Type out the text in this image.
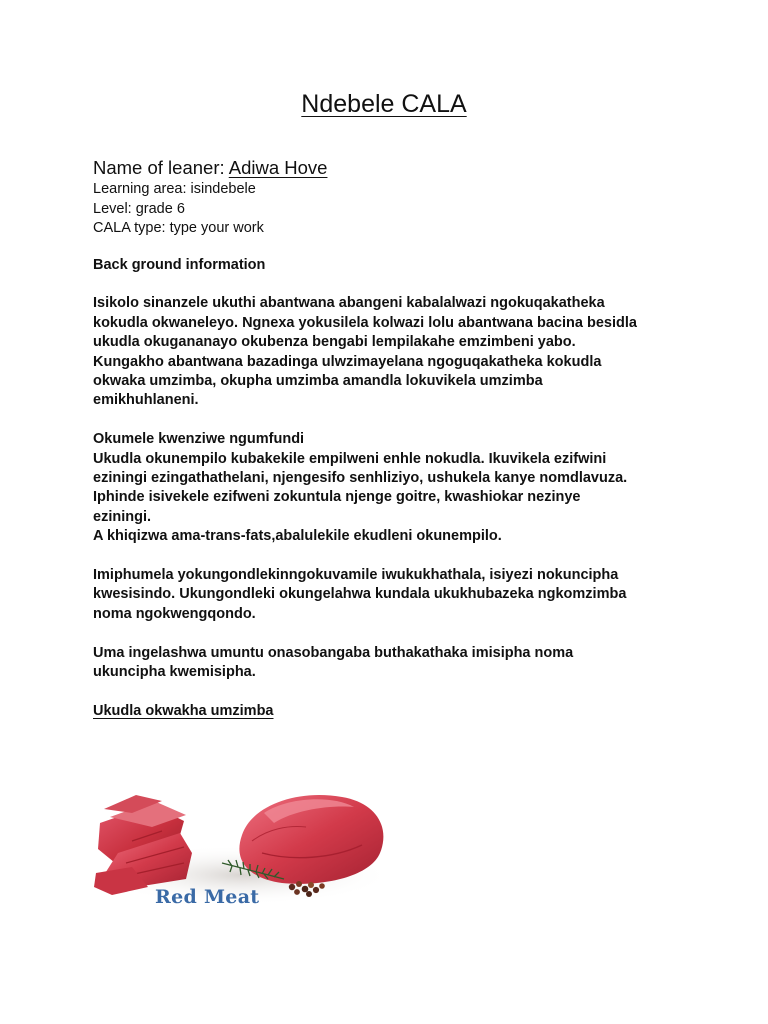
Ndebele CALA

Name of leaner: Adiwa Hove

Learning area: isindebele

Level: grade 6

CALA type: type your work

Back ground information

Isikolo sinanzele ukuthi abantwana abangeni kabalalwazi ngokuqakatheka

kokudla okwaneleyo. Ngnexa yokusilela kolwazi lolu abantwana bacina besidla

ukudla okugananayo okubenza bengabi lempilakahe emzimbeni yabo.

Kungakho abantwana bazadinga ulwzimayelana ngoguqakatheka kokudla

okwaka umzimba, okupha umzimba amandla lokuvikela umzimba

emikhuhlaneni.

Okumele kwenziwe ngumfundi

Ukudla okunempilo kubakekile empilweni enhle nokudla. Ikuvikela ezifwini

eziningi ezingathathelani, njengesifo senhliziyo, ushukela kanye nomdlavuza.

Iphinde isivekele ezifweni zokuntula njenge goitre, kwashiokar nezinye

eziningi.

A khiqizwa ama-trans-fats,abalulekile ekudleni okunempilo.

Imiphumela yokungondlekinngokuvamile iwukukhathala, isiyezi nokuncipha

kwesisindo. Ukungondleki okungelahwa kundala ukukhubazeka ngkomzimba

noma ngokwengqondo.

Uma ingelashwa umuntu onasobangaba buthakathaka imisipha noma

ukuncipha kwemisipha.

Ukudla okwakha umzimba

Red Meat
